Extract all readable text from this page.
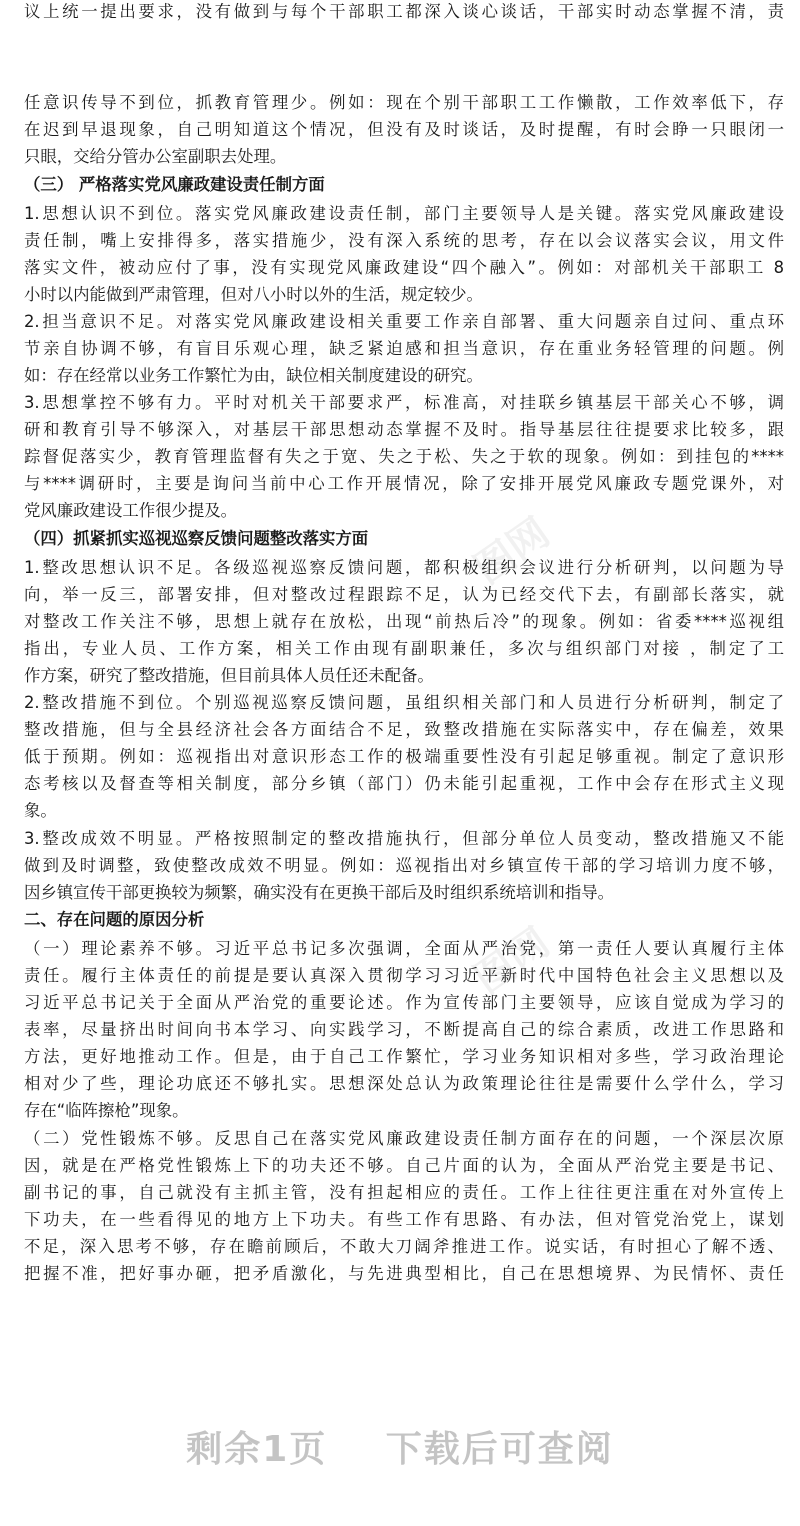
图网
图网
议上统一提出要求，没有做到与每个干部职工都深入谈心谈话，干部实时动态掌握不清，责
任意识传导不到位，抓教育管理少。例如：现在个别干部职工工作懒散，工作效率低下，存
在迟到早退现象，自己明知道这个情况，但没有及时谈话，及时提醒，有时会睁一只眼闭一
只眼，交给分管办公室副职去处理。
（三） 严格落实党风廉政建设责任制方面
1.思想认识不到位。落实党风廉政建设责任制，部门主要领导人是关键。落实党风廉政建设
责任制，嘴上安排得多，落实措施少，没有深入系统的思考，存在以会议落实会议，用文件
落实文件，被动应付了事，没有实现党风廉政建设“四个融入”。例如：对部机关干部职工 8
小时以内能做到严肃管理，但对八小时以外的生活，规定较少。
2.担当意识不足。对落实党风廉政建设相关重要工作亲自部署、重大问题亲自过问、重点环
节亲自协调不够，有盲目乐观心理，缺乏紧迫感和担当意识，存在重业务轻管理的问题。例
如：存在经常以业务工作繁忙为由，缺位相关制度建设的研究。
3.思想掌控不够有力。平时对机关干部要求严，标准高，对挂联乡镇基层干部关心不够，调
研和教育引导不够深入，对基层干部思想动态掌握不及时。指导基层往往提要求比较多，跟
踪督促落实少，教育管理监督有失之于宽、失之于松、失之于软的现象。例如：到挂包的****
与****调研时，主要是询问当前中心工作开展情况，除了安排开展党风廉政专题党课外，对
党风廉政建设工作很少提及。
（四）抓紧抓实巡视巡察反馈问题整改落实方面
1.整改思想认识不足。各级巡视巡察反馈问题，都积极组织会议进行分析研判，以问题为导
向，举一反三，部署安排，但对整改过程跟踪不足，认为已经交代下去，有副部长落实，就
对整改工作关注不够，思想上就存在放松，出现“前热后冷”的现象。例如：省委****巡视组
指出，专业人员、工作方案，相关工作由现有副职兼任，多次与组织部门对接 ，制定了工
作方案，研究了整改措施，但目前具体人员任还未配备。
2.整改措施不到位。个别巡视巡察反馈问题，虽组织相关部门和人员进行分析研判，制定了
整改措施，但与全县经济社会各方面结合不足，致整改措施在实际落实中，存在偏差，效果
低于预期。例如：巡视指出对意识形态工作的极端重要性没有引起足够重视。制定了意识形
态考核以及督查等相关制度，部分乡镇（部门）仍未能引起重视，工作中会存在形式主义现
象。
3.整改成效不明显。严格按照制定的整改措施执行，但部分单位人员变动，整改措施又不能
做到及时调整，致使整改成效不明显。例如：巡视指出对乡镇宣传干部的学习培训力度不够，
因乡镇宣传干部更换较为频繁，确实没有在更换干部后及时组织系统培训和指导。
二、存在问题的原因分析
（一）理论素养不够。习近平总书记多次强调，全面从严治党，第一责任人要认真履行主体
责任。履行主体责任的前提是要认真深入贯彻学习习近平新时代中国特色社会主义思想以及
习近平总书记关于全面从严治党的重要论述。作为宣传部门主要领导，应该自觉成为学习的
表率，尽量挤出时间向书本学习、向实践学习，不断提高自己的综合素质，改进工作思路和
方法，更好地推动工作。但是，由于自己工作繁忙，学习业务知识相对多些，学习政治理论
相对少了些，理论功底还不够扎实。思想深处总认为政策理论往往是需要什么学什么，学习
存在“临阵擦枪”现象。
（二）党性锻炼不够。反思自己在落实党风廉政建设责任制方面存在的问题，一个深层次原
因，就是在严格党性锻炼上下的功夫还不够。自己片面的认为，全面从严治党主要是书记、
副书记的事，自己就没有主抓主管，没有担起相应的责任。工作上往往更注重在对外宣传上
下功夫，在一些看得见的地方上下功夫。有些工作有思路、有办法，但对管党治党上，谋划
不足，深入思考不够，存在瞻前顾后，不敢大刀阔斧推进工作。说实话，有时担心了解不透、
把握不准，把好事办砸，把矛盾激化，与先进典型相比，自己在思想境界、为民情怀、责任
剩余1页 下载后可查阅
